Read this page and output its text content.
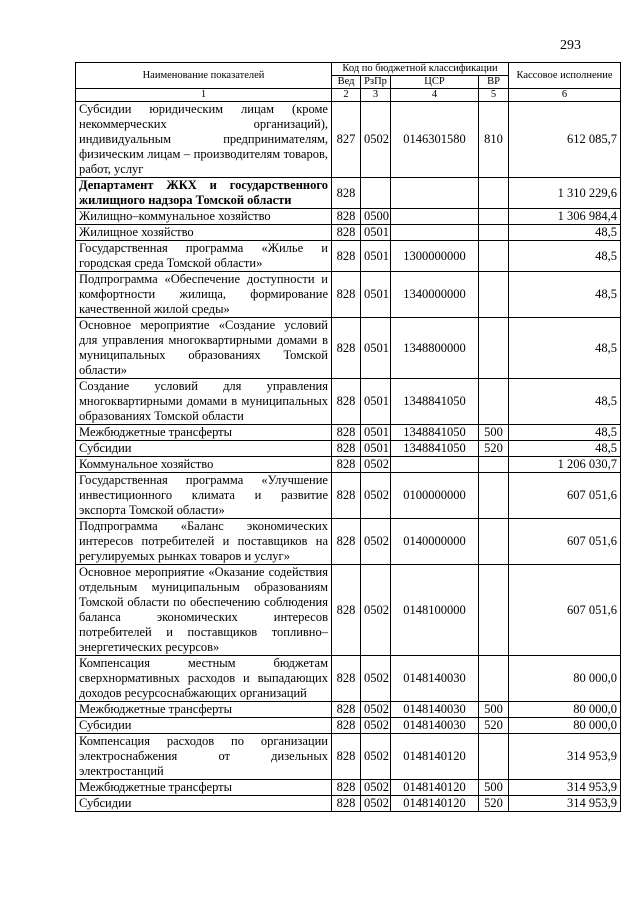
293
Наименование показателей	Код по бюджетной классификации				Кассовое исполнение
	Вед	РзПр	ЦСР	ВР	
1	2	3	4	5	6
Субсидии юридическим лицам (кроме некоммерческих организаций), индивидуальным предпринимателям, физическим лицам – производителям товаров, работ, услуг	827	0502	0146301580	810	612 085,7
Департамент ЖКХ и государственного жилищного надзора Томской области	828				1 310 229,6
Жилищно–коммунальное хозяйство	828	0500			1 306 984,4
Жилищное хозяйство	828	0501			48,5
Государственная программа «Жилье и городская среда Томской области»	828	0501	1300000000		48,5
Подпрограмма «Обеспечение доступности и комфортности жилища, формирование качественной жилой среды»	828	0501	1340000000		48,5
Основное мероприятие «Создание условий для управления многоквартирными домами в муниципальных образованиях Томской области»	828	0501	1348800000		48,5
Создание условий для управления многоквартирными домами в муниципальных образованиях Томской области	828	0501	1348841050		48,5
Межбюджетные трансферты	828	0501	1348841050	500	48,5
Субсидии	828	0501	1348841050	520	48,5
Коммунальное хозяйство	828	0502			1 206 030,7
Государственная программа «Улучшение инвестиционного климата и развитие экспорта Томской области»	828	0502	0100000000		607 051,6
Подпрограмма «Баланс экономических интересов потребителей и поставщиков на регулируемых рынках товаров и услуг»	828	0502	0140000000		607 051,6
Основное мероприятие «Оказание содействия отдельным муниципальным образованиям Томской области по обеспечению соблюдения баланса экономических интересов потребителей и поставщиков топливно–энергетических ресурсов»	828	0502	0148100000		607 051,6
Компенсация местным бюджетам сверхнормативных расходов и выпадающих доходов ресурсоснабжающих организаций	828	0502	0148140030		80 000,0
Межбюджетные трансферты	828	0502	0148140030	500	80 000,0
Субсидии	828	0502	0148140030	520	80 000,0
Компенсация расходов по организации электроснабжения от дизельных электростанций	828	0502	0148140120		314 953,9
Межбюджетные трансферты	828	0502	0148140120	500	314 953,9
Субсидии	828	0502	0148140120	520	314 953,9
